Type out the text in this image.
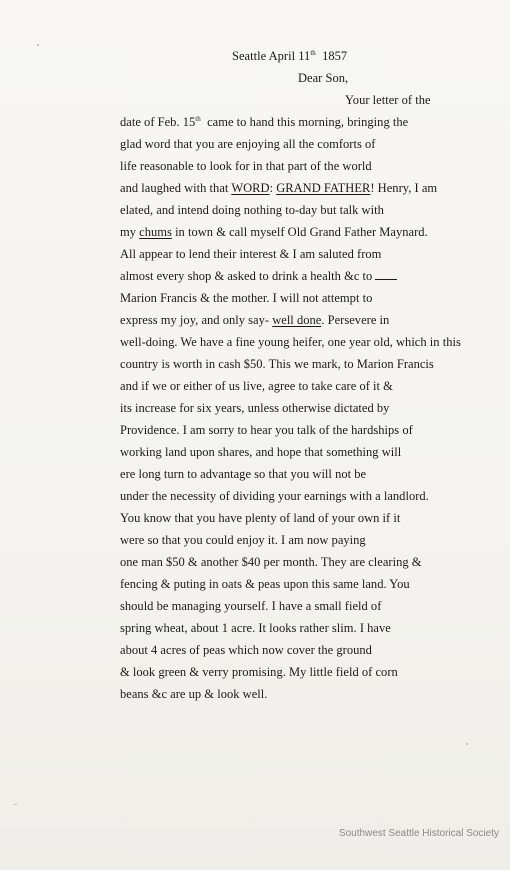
Seattle April 11th 1857
Dear Son,
Your letter of the
date of Feb. 15th came to hand this morning, bringing the
glad word that you are enjoying all the comforts of
life reasonable to look for in that part of the world
and laughed with that WORD: GRAND FATHER! Henry, I am
elated, and intend doing nothing to-day but talk with
my chums in town & call myself Old Grand Father Maynard.
All appear to lend their interest & I am saluted from
almost every shop & asked to drink a health &c to
Marion Francis & the mother. I will not attempt to
express my joy, and only say- well done. Persevere in
well-doing. We have a fine young heifer, one year old, which in this
country is worth in cash $50. This we mark, to Marion Francis
and if we or either of us live, agree to take care of it &
its increase for six years, unless otherwise dictated by
Providence. I am sorry to hear you talk of the hardships of
working land upon shares, and hope that something will
ere long turn to advantage so that you will not be
under the necessity of dividing your earnings with a landlord.
You know that you have plenty of land of your own if it
were so that you could enjoy it. I am now paying
one man $50 & another $40 per month. They are clearing &
fencing & puting in oats & peas upon this same land. You
should be managing yourself. I have a small field of
spring wheat, about 1 acre. It looks rather slim. I have
about 4 acres of peas which now cover the ground
& look green & verry promising. My little field of corn
beans &c are up & look well.
Southwest Seattle Historical Society
